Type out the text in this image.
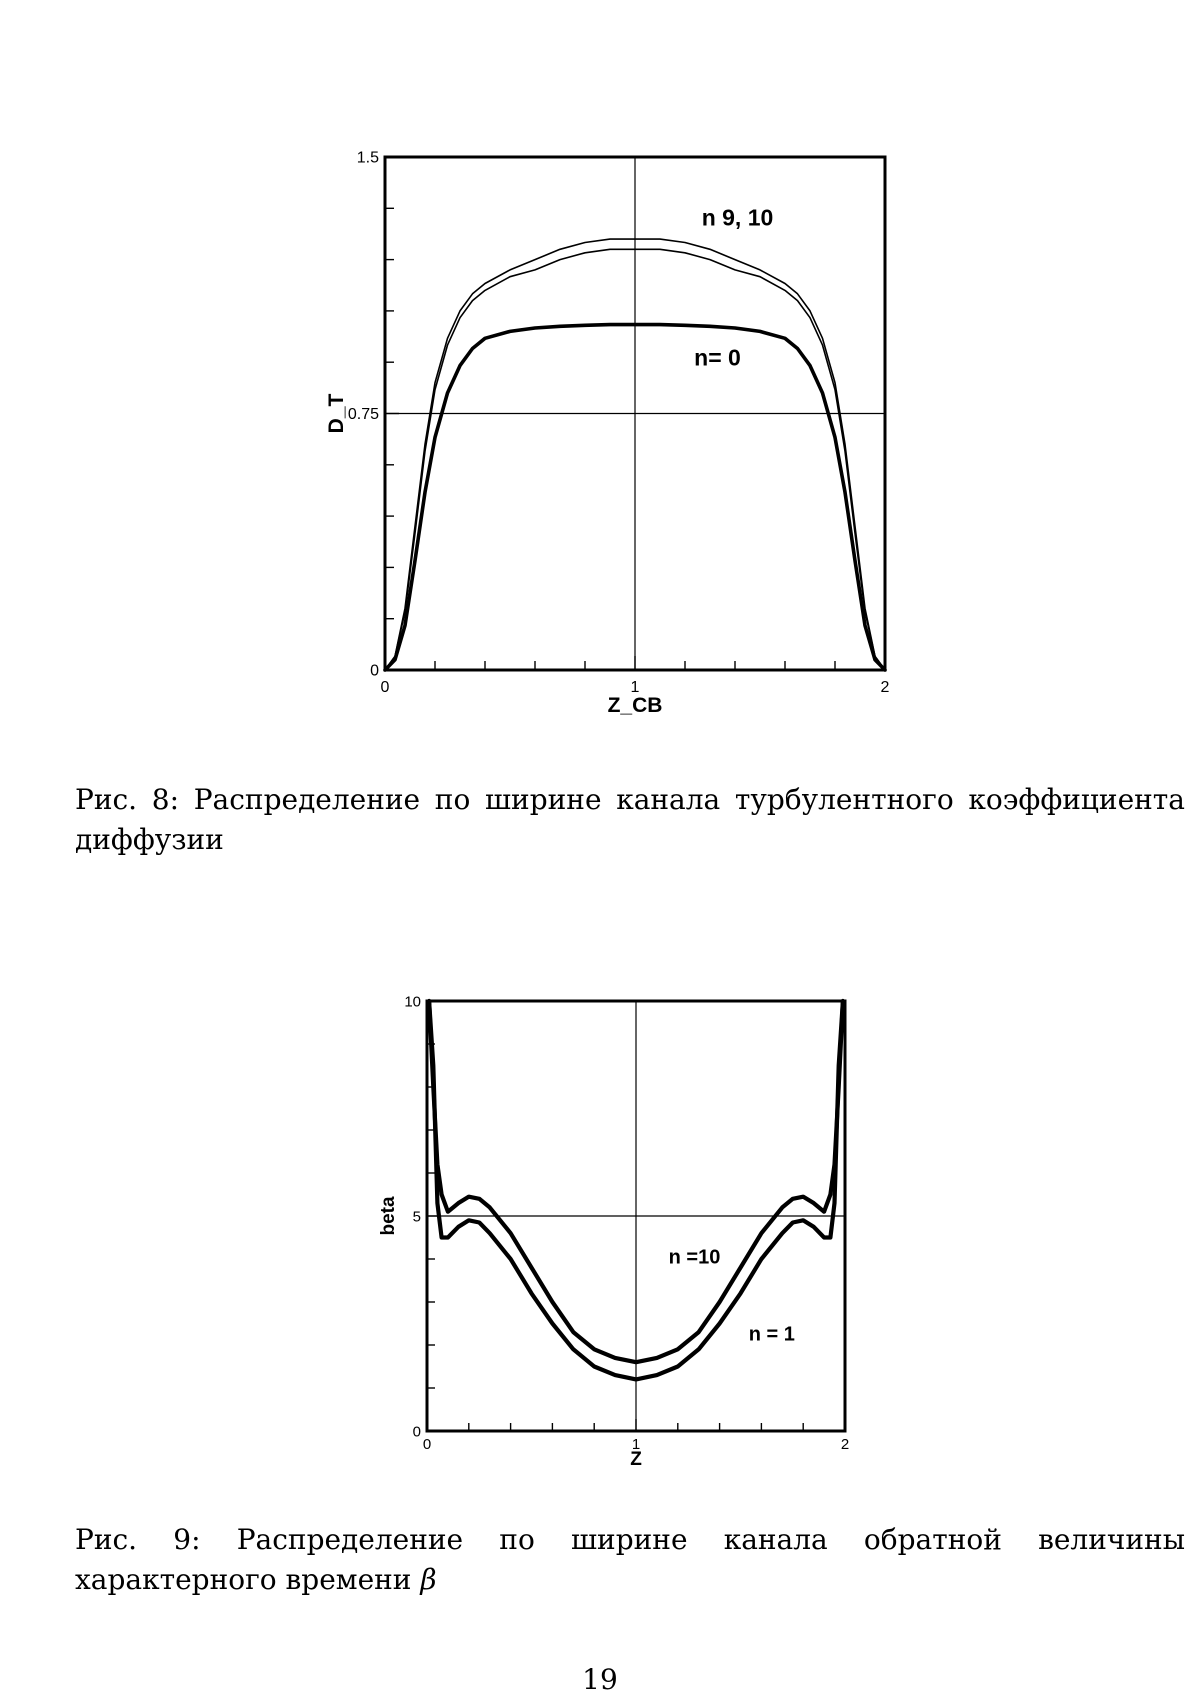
0	1	2
0
0.75
1.5
Z_CB
D_T
n 9, 10
n= 0
Рис. 8: Распределение по ширине канала турбулентного коэффициента диффузии
0	1	2
0
5
10
Z
beta
n =10
n = 1
Рис. 9: Распределение по ширине канала обратной величины характерного времени β
19
